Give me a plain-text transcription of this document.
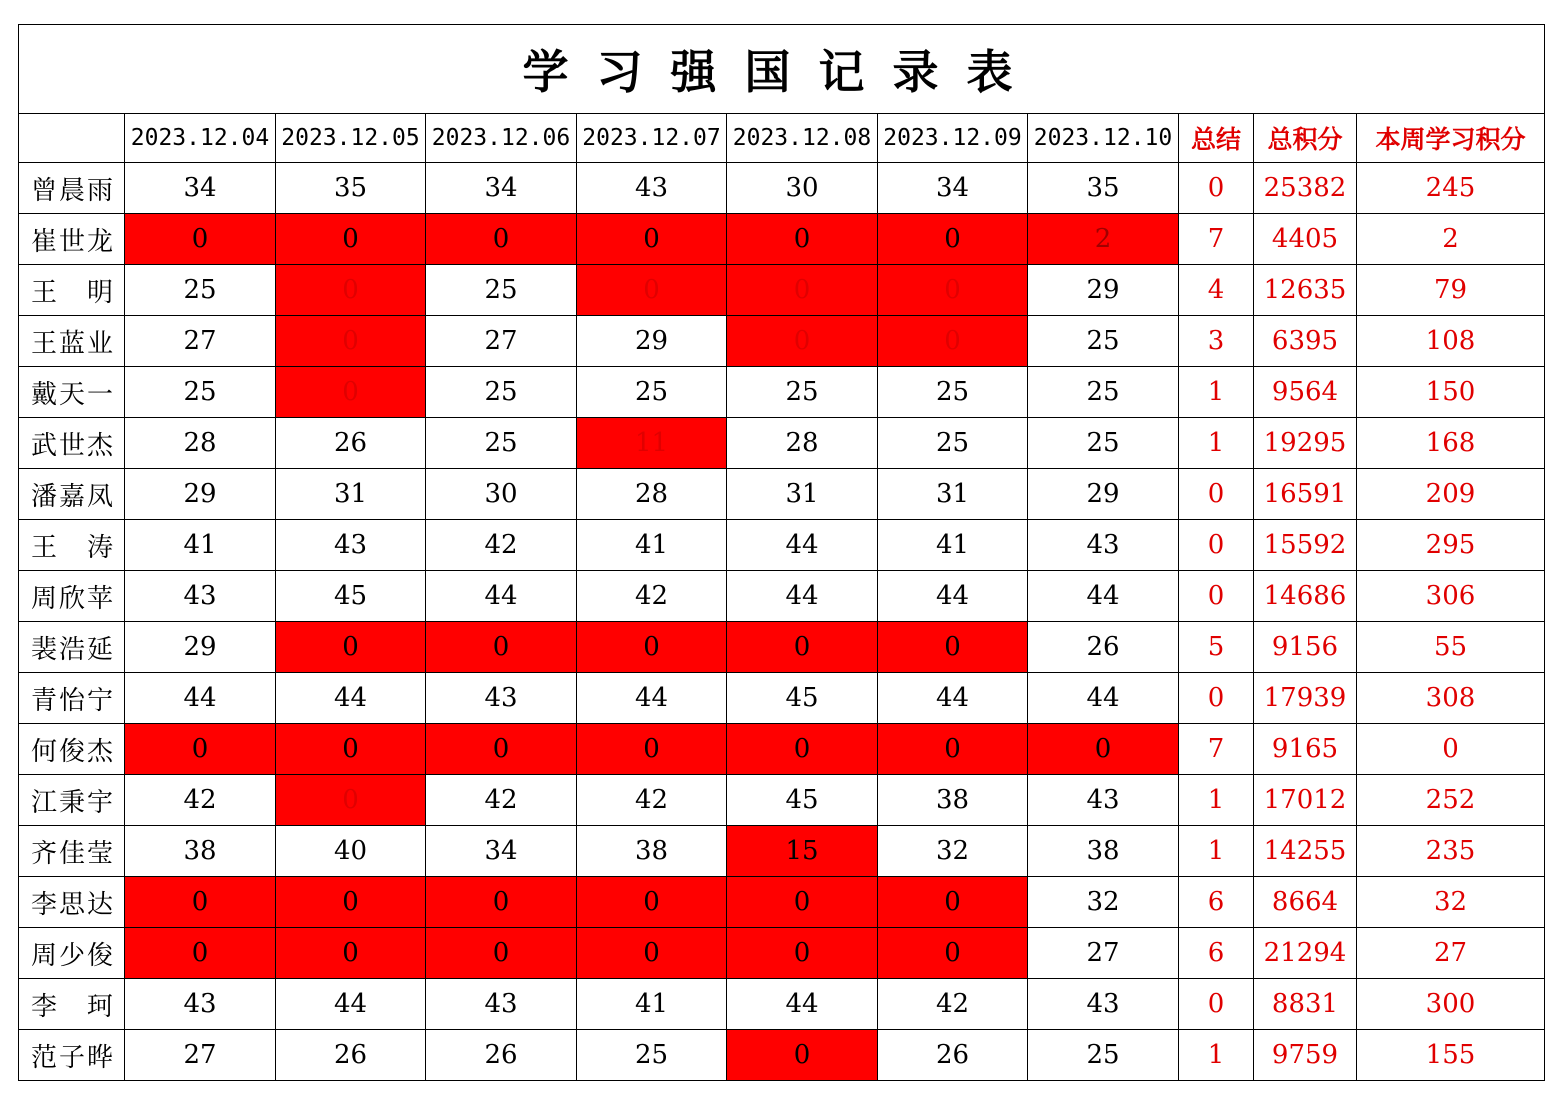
学习强国记录表										
	2023.12.04	2023.12.05	2023.12.06	2023.12.07	2023.12.08	2023.12.09	2023.12.10	总结	总积分	本周学习积分
曾晨雨	34	35	34	43	30	34	35	0	25382	245
崔世龙	0	0	0	0	0	0	2	7	4405	2
王　明	25	0	25	0	0	0	29	4	12635	79
王蓝业	27	0	27	29	0	0	25	3	6395	108
戴天一	25	0	25	25	25	25	25	1	9564	150
武世杰	28	26	25	11	28	25	25	1	19295	168
潘嘉凤	29	31	30	28	31	31	29	0	16591	209
王　涛	41	43	42	41	44	41	43	0	15592	295
周欣苹	43	45	44	42	44	44	44	0	14686	306
裴浩延	29	0	0	0	0	0	26	5	9156	55
青怡宁	44	44	43	44	45	44	44	0	17939	308
何俊杰	0	0	0	0	0	0	0	7	9165	0
江秉宇	42	0	42	42	45	38	43	1	17012	252
齐佳莹	38	40	34	38	15	32	38	1	14255	235
李思达	0	0	0	0	0	0	32	6	8664	32
周少俊	0	0	0	0	0	0	27	6	21294	27
李　珂	43	44	43	41	44	42	43	0	8831	300
范子晔	27	26	26	25	0	26	25	1	9759	155
